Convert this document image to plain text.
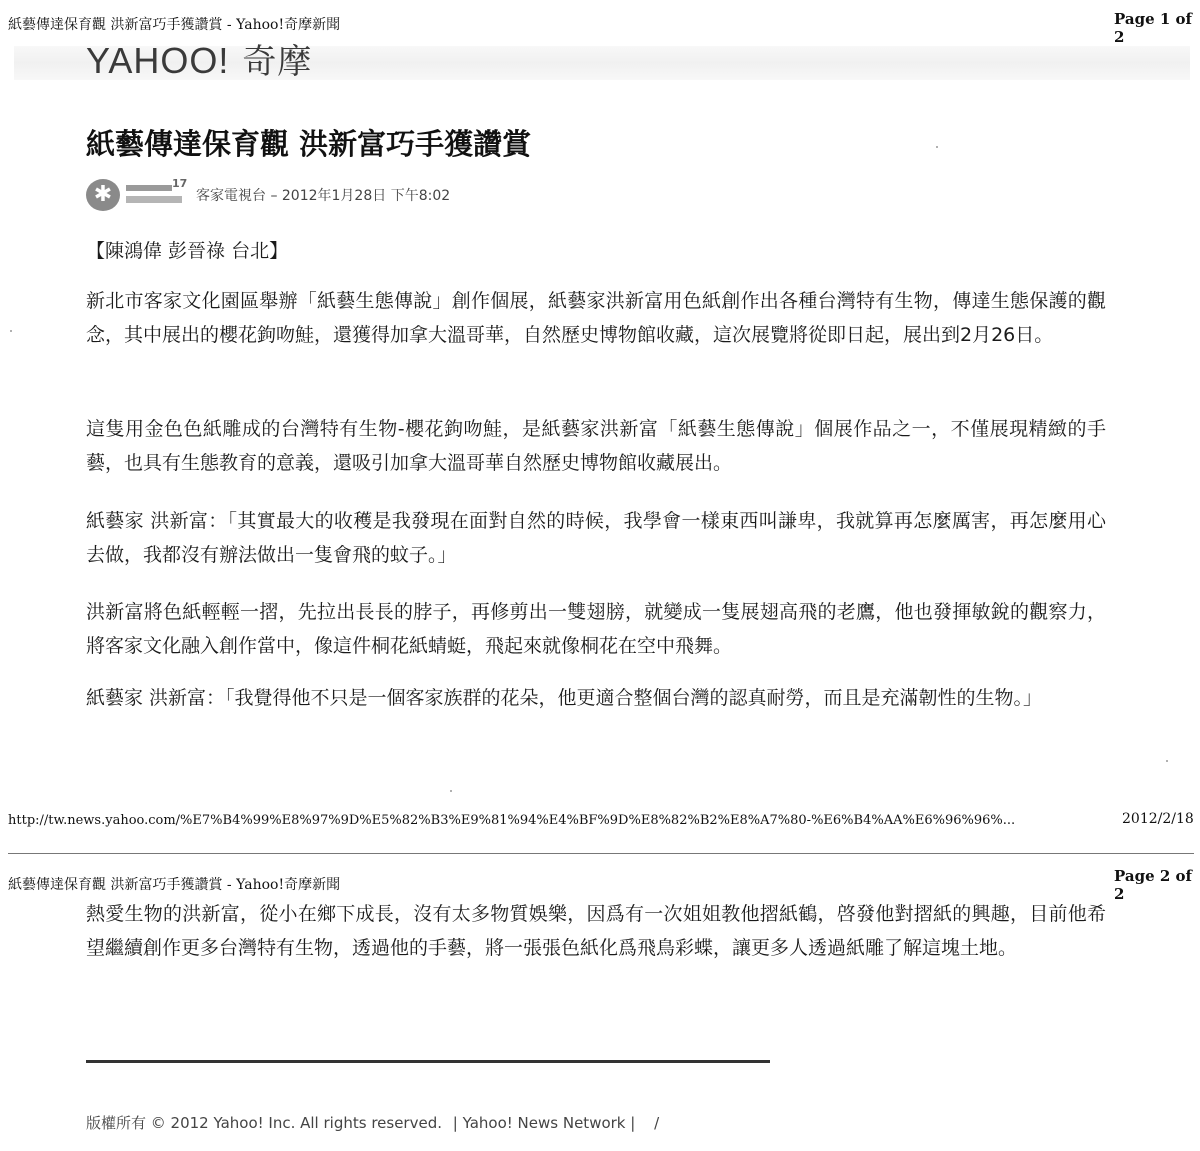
紙藝傳達保育觀 洪新富巧手獲讚賞 - Yahoo!奇摩新聞	Page 1 of 2
YAHOO! 奇摩
紙藝傳達保育觀 洪新富巧手獲讚賞
✱	17
客家電視台 – 2012年1月28日 下午8:02

【陳鴻偉 彭晉祿 台北】

新北市客家文化園區舉辦「紙藝生態傳說」創作個展，紙藝家洪新富用色紙創作出各種台灣特有生物，傳達生態保護的觀念，其中展出的櫻花鉤吻鮭，還獲得加拿大溫哥華，自然歷史博物館收藏，這次展覽將從即日起，展出到2月26日。

這隻用金色色紙雕成的台灣特有生物-櫻花鉤吻鮭，是紙藝家洪新富「紙藝生態傳說」個展作品之一，不僅展現精緻的手藝，也具有生態教育的意義，還吸引加拿大溫哥華自然歷史博物館收藏展出。

紙藝家 洪新富：「其實最大的收穫是我發現在面對自然的時候，我學會一樣東西叫謙卑，我就算再怎麼厲害，再怎麼用心去做，我都沒有辦法做出一隻會飛的蚊子。」

洪新富將色紙輕輕一摺，先拉出長長的脖子，再修剪出一雙翅膀，就變成一隻展翅高飛的老鷹，他也發揮敏銳的觀察力，將客家文化融入創作當中，像這件桐花紙蜻蜓，飛起來就像桐花在空中飛舞。

紙藝家 洪新富：「我覺得他不只是一個客家族群的花朵，他更適合整個台灣的認真耐勞，而且是充滿韌性的生物。」

http://tw.news.yahoo.com/%E7%B4%99%E8%97%9D%E5%82%B3%E9%81%94%E4%BF%9D%E8%82%B2%E8%A7%80-%E6%B4%AA%E6%96%96%...	2012/2/18
紙藝傳達保育觀 洪新富巧手獲讚賞 - Yahoo!奇摩新聞	Page 2 of 2

熱愛生物的洪新富，從小在鄉下成長，沒有太多物質娛樂，因爲有一次姐姐教他摺紙鶴，啓發他對摺紙的興趣，目前他希望繼續創作更多台灣特有生物，透過他的手藝，將一張張色紙化爲飛鳥彩蝶，讓更多人透過紙雕了解這塊土地。

版權所有 © 2012 Yahoo! Inc. All rights reserved. | Yahoo! News Network | /
